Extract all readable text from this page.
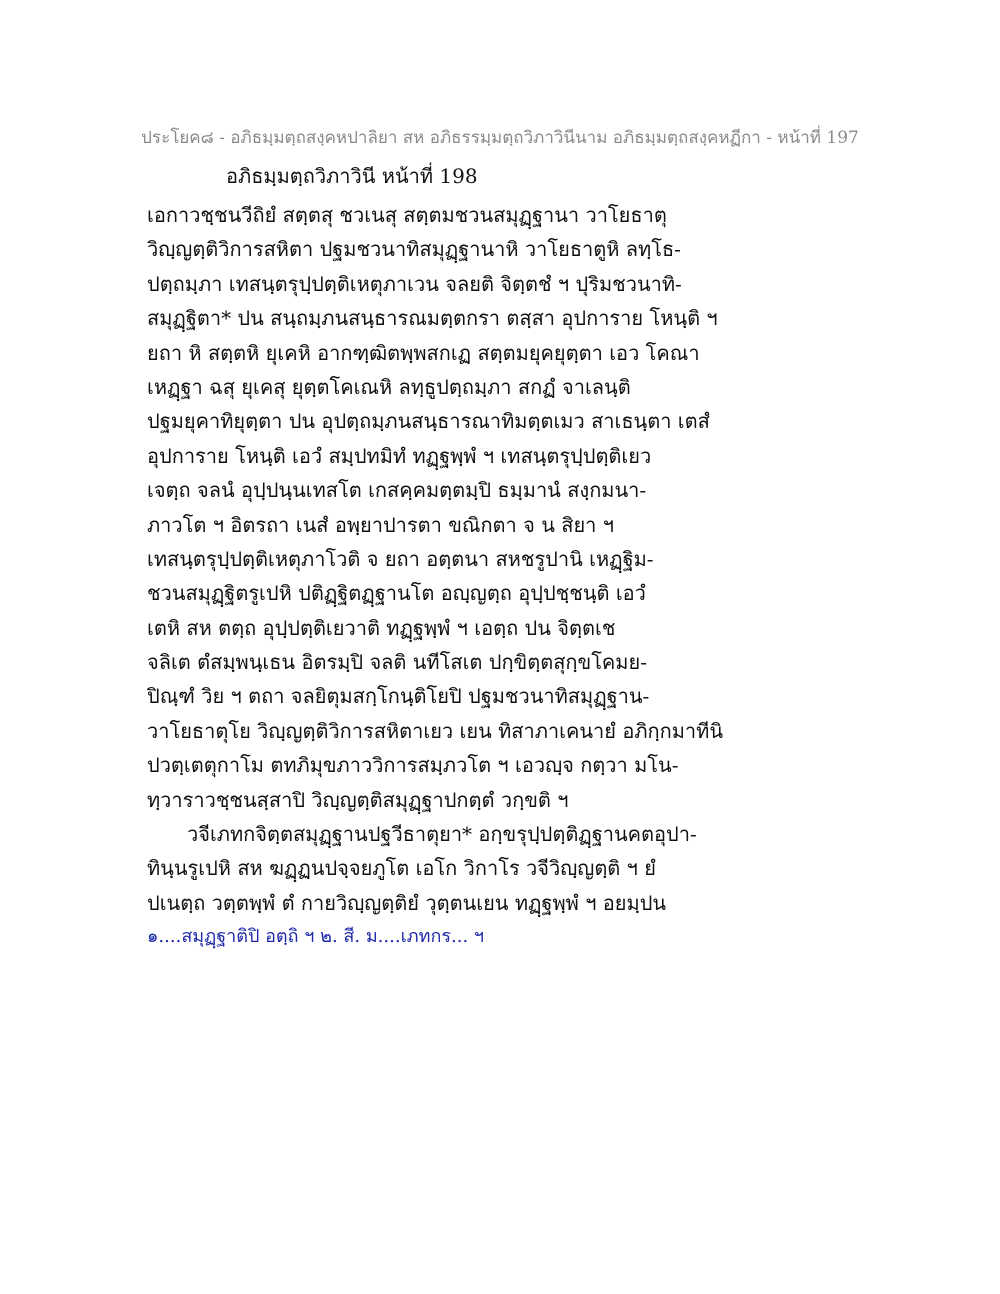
ประโยค๘ - อภิธมฺมตฺถสงฺคหปาลิยา สห อภิธรรมฺมตฺถวิภาวินีนาม อภิธมฺมตฺถสงฺคหฏีกา - หน้าที่ 197
อภิธมฺมตฺถวิภาวินี หน้าที่ 198
เอกาวชฺชนวีถิยํ สตฺตสุ ชวเนสุ สตฺตมชวนสมุฏฺฐานา วาโยธาตุ
วิญฺญตฺติวิการสหิตา ปฐมชวนาทิสมุฏฺฐานาหิ วาโยธาตูหิ ลทฺโธ-
ปตฺถมฺภา เทสนฺตรุปฺปตฺติเหตุภาเวน จลยติ จิตฺตชํ ฯ ปุริมชวนาทิ-
สมุฏฺฐิตา* ปน สนฺถมฺภนสนฺธารณมตฺตกรา ตสฺสา อุปการาย โหนฺติ ฯ
ยถา หิ สตฺตหิ ยุเคหิ อากฑฺฒิตพฺพสกเฏ สตฺตมยุคยุตฺตา เอว โคณา
เหฏฺฐา ฉสุ ยุเคสุ ยุตฺตโคเณหิ ลทฺธูปตฺถมฺภา สกฏํ จาเลนฺติ
ปฐมยุคาทิยุตฺตา ปน อุปตฺถมฺภนสนฺธารณาทิมตฺตเมว สาเธนฺตา เตสํ
อุปการาย โหนฺติ เอวํ สมฺปทมิทํ ทฏฺฐพฺพํ ฯ เทสนฺตรุปฺปตฺติเยว
เจตฺถ จลนํ อุปฺปนฺนเทสโต เกสคฺคมตฺตมฺปิ ธมฺมานํ สงฺกมนา-
ภาวโต ฯ อิตรถา เนสํ อพฺยาปารตา ขณิกตา จ น สิยา ฯ
เทสนฺตรุปฺปตฺติเหตุภาโวติ จ ยถา อตฺตนา สหชรูปานิ เหฏฺฐิม-
ชวนสมุฏฺฐิตรูเปหิ ปติฏฺฐิตฏฺฐานโต อญฺญตฺถ อุปฺปชฺชนฺติ เอวํ
เตหิ สห ตตฺถ อุปฺปตฺติเยวาติ ทฏฺฐพฺพํ ฯ เอตฺถ ปน จิตฺตเช
จลิเต ตํสมฺพนฺเธน อิตรมฺปิ จลติ นทีโสเต ปกฺขิตฺตสุกฺขโคมย-
ปิณฺฑํ วิย ฯ ตถา จลยิตุมสกฺโกนฺติโยปิ ปฐมชวนาทิสมุฏฺฐาน-
วาโยธาตุโย วิญฺญตฺติวิการสหิตาเยว เยน ทิสาภาเคนายํ อภิกฺกมาทีนิ
ปวตฺเตตุกาโม ตทภิมุขภาววิการสมฺภวโต ฯ เอวญฺจ กตฺวา มโน-
ทฺวาราวชฺชนสฺสาปิ วิญฺญตฺติสมุฏฺฐาปกตฺตํ วกฺขติ ฯ
วจีเภทกจิตฺตสมุฏฺฐานปฐวีธาตุยา* อกฺขรุปฺปตฺติฏฺฐานคตอุปา-
ทินฺนรูเปหิ สห ฆฏฺฏนปจฺจยภูโต เอโก วิกาโร วจีวิญฺญตฺติ ฯ ยํ
ปเนตฺถ วตฺตพฺพํ ตํ กายวิญฺญตฺติยํ วุตฺตนเยน ทฏฺฐพฺพํ ฯ อยมฺปน
๑....สมุฏฺฐาติปิ อตฺถิ ฯ ๒. สี. ม....เภทกร... ฯ
